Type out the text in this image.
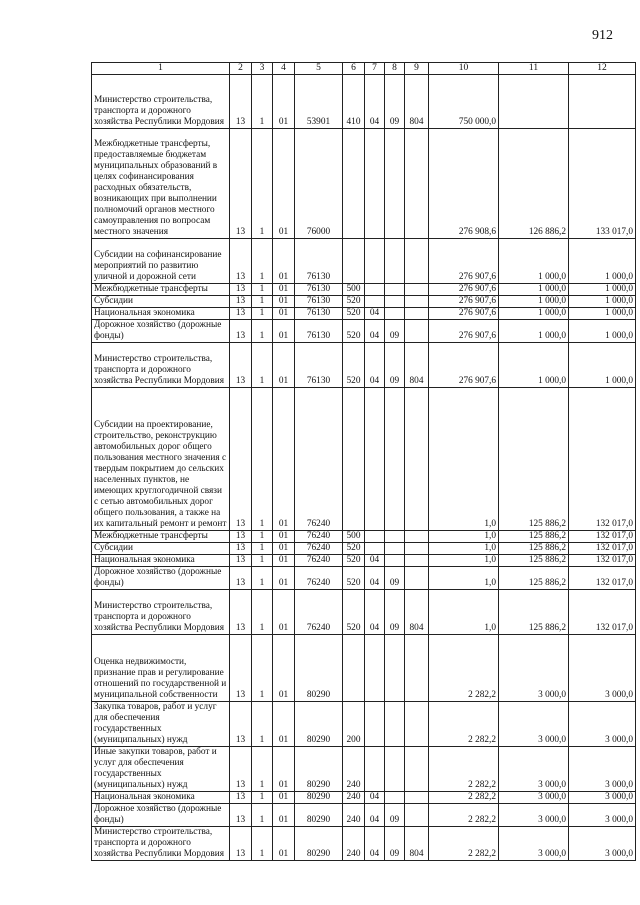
912
1	2	3	4	5	6	7	8	9	10	11	12
Министерство строительства, транспорта и дорожного хозяйства Республики Мордовия	13	1	01	53901	410	04	09	804	750 000,0		
Межбюджетные трансферты, предоставляемые бюджетам муниципальных образований в целях софинансирования расходных обязательств, возникающих при выполнении полномочий органов местного самоуправления по вопросам местного значения	13	1	01	76000					276 908,6	126 886,2	133 017,0
Субсидии на софинансирование мероприятий по развитию уличной и дорожной сети	13	1	01	76130					276 907,6	1 000,0	1 000,0
Межбюджетные трансферты	13	1	01	76130	500				276 907,6	1 000,0	1 000,0
Субсидии	13	1	01	76130	520				276 907,6	1 000,0	1 000,0
Национальная экономика	13	1	01	76130	520	04			276 907,6	1 000,0	1 000,0
Дорожное хозяйство (дорожные фонды)	13	1	01	76130	520	04	09		276 907,6	1 000,0	1 000,0
Министерство строительства, транспорта и дорожного хозяйства Республики Мордовия	13	1	01	76130	520	04	09	804	276 907,6	1 000,0	1 000,0
Субсидии на проектирование, строительство, реконструкцию автомобильных дорог общего пользования местного значения с твердым покрытием до сельских населенных пунктов, не имеющих круглогодичной связи с сетью автомобильных дорог общего пользования, а также на их капитальный ремонт и ремонт	13	1	01	76240					1,0	125 886,2	132 017,0
Межбюджетные трансферты	13	1	01	76240	500				1,0	125 886,2	132 017,0
Субсидии	13	1	01	76240	520				1,0	125 886,2	132 017,0
Национальная экономика	13	1	01	76240	520	04			1,0	125 886,2	132 017,0
Дорожное хозяйство (дорожные фонды)	13	1	01	76240	520	04	09		1,0	125 886,2	132 017,0
Министерство строительства, транспорта и дорожного хозяйства Республики Мордовия	13	1	01	76240	520	04	09	804	1,0	125 886,2	132 017,0
Оценка недвижимости, признание прав и регулирование отношений по государственной и муниципальной собственности	13	1	01	80290					2 282,2	3 000,0	3 000,0
Закупка товаров, работ и услуг для обеспечения государственных (муниципальных) нужд	13	1	01	80290	200				2 282,2	3 000,0	3 000,0
Иные закупки товаров, работ и услуг для обеспечения государственных (муниципальных) нужд	13	1	01	80290	240				2 282,2	3 000,0	3 000,0
Национальная экономика	13	1	01	80290	240	04			2 282,2	3 000,0	3 000,0
Дорожное хозяйство (дорожные фонды)	13	1	01	80290	240	04	09		2 282,2	3 000,0	3 000,0
Министерство строительства, транспорта и дорожного хозяйства Республики Мордовия	13	1	01	80290	240	04	09	804	2 282,2	3 000,0	3 000,0
